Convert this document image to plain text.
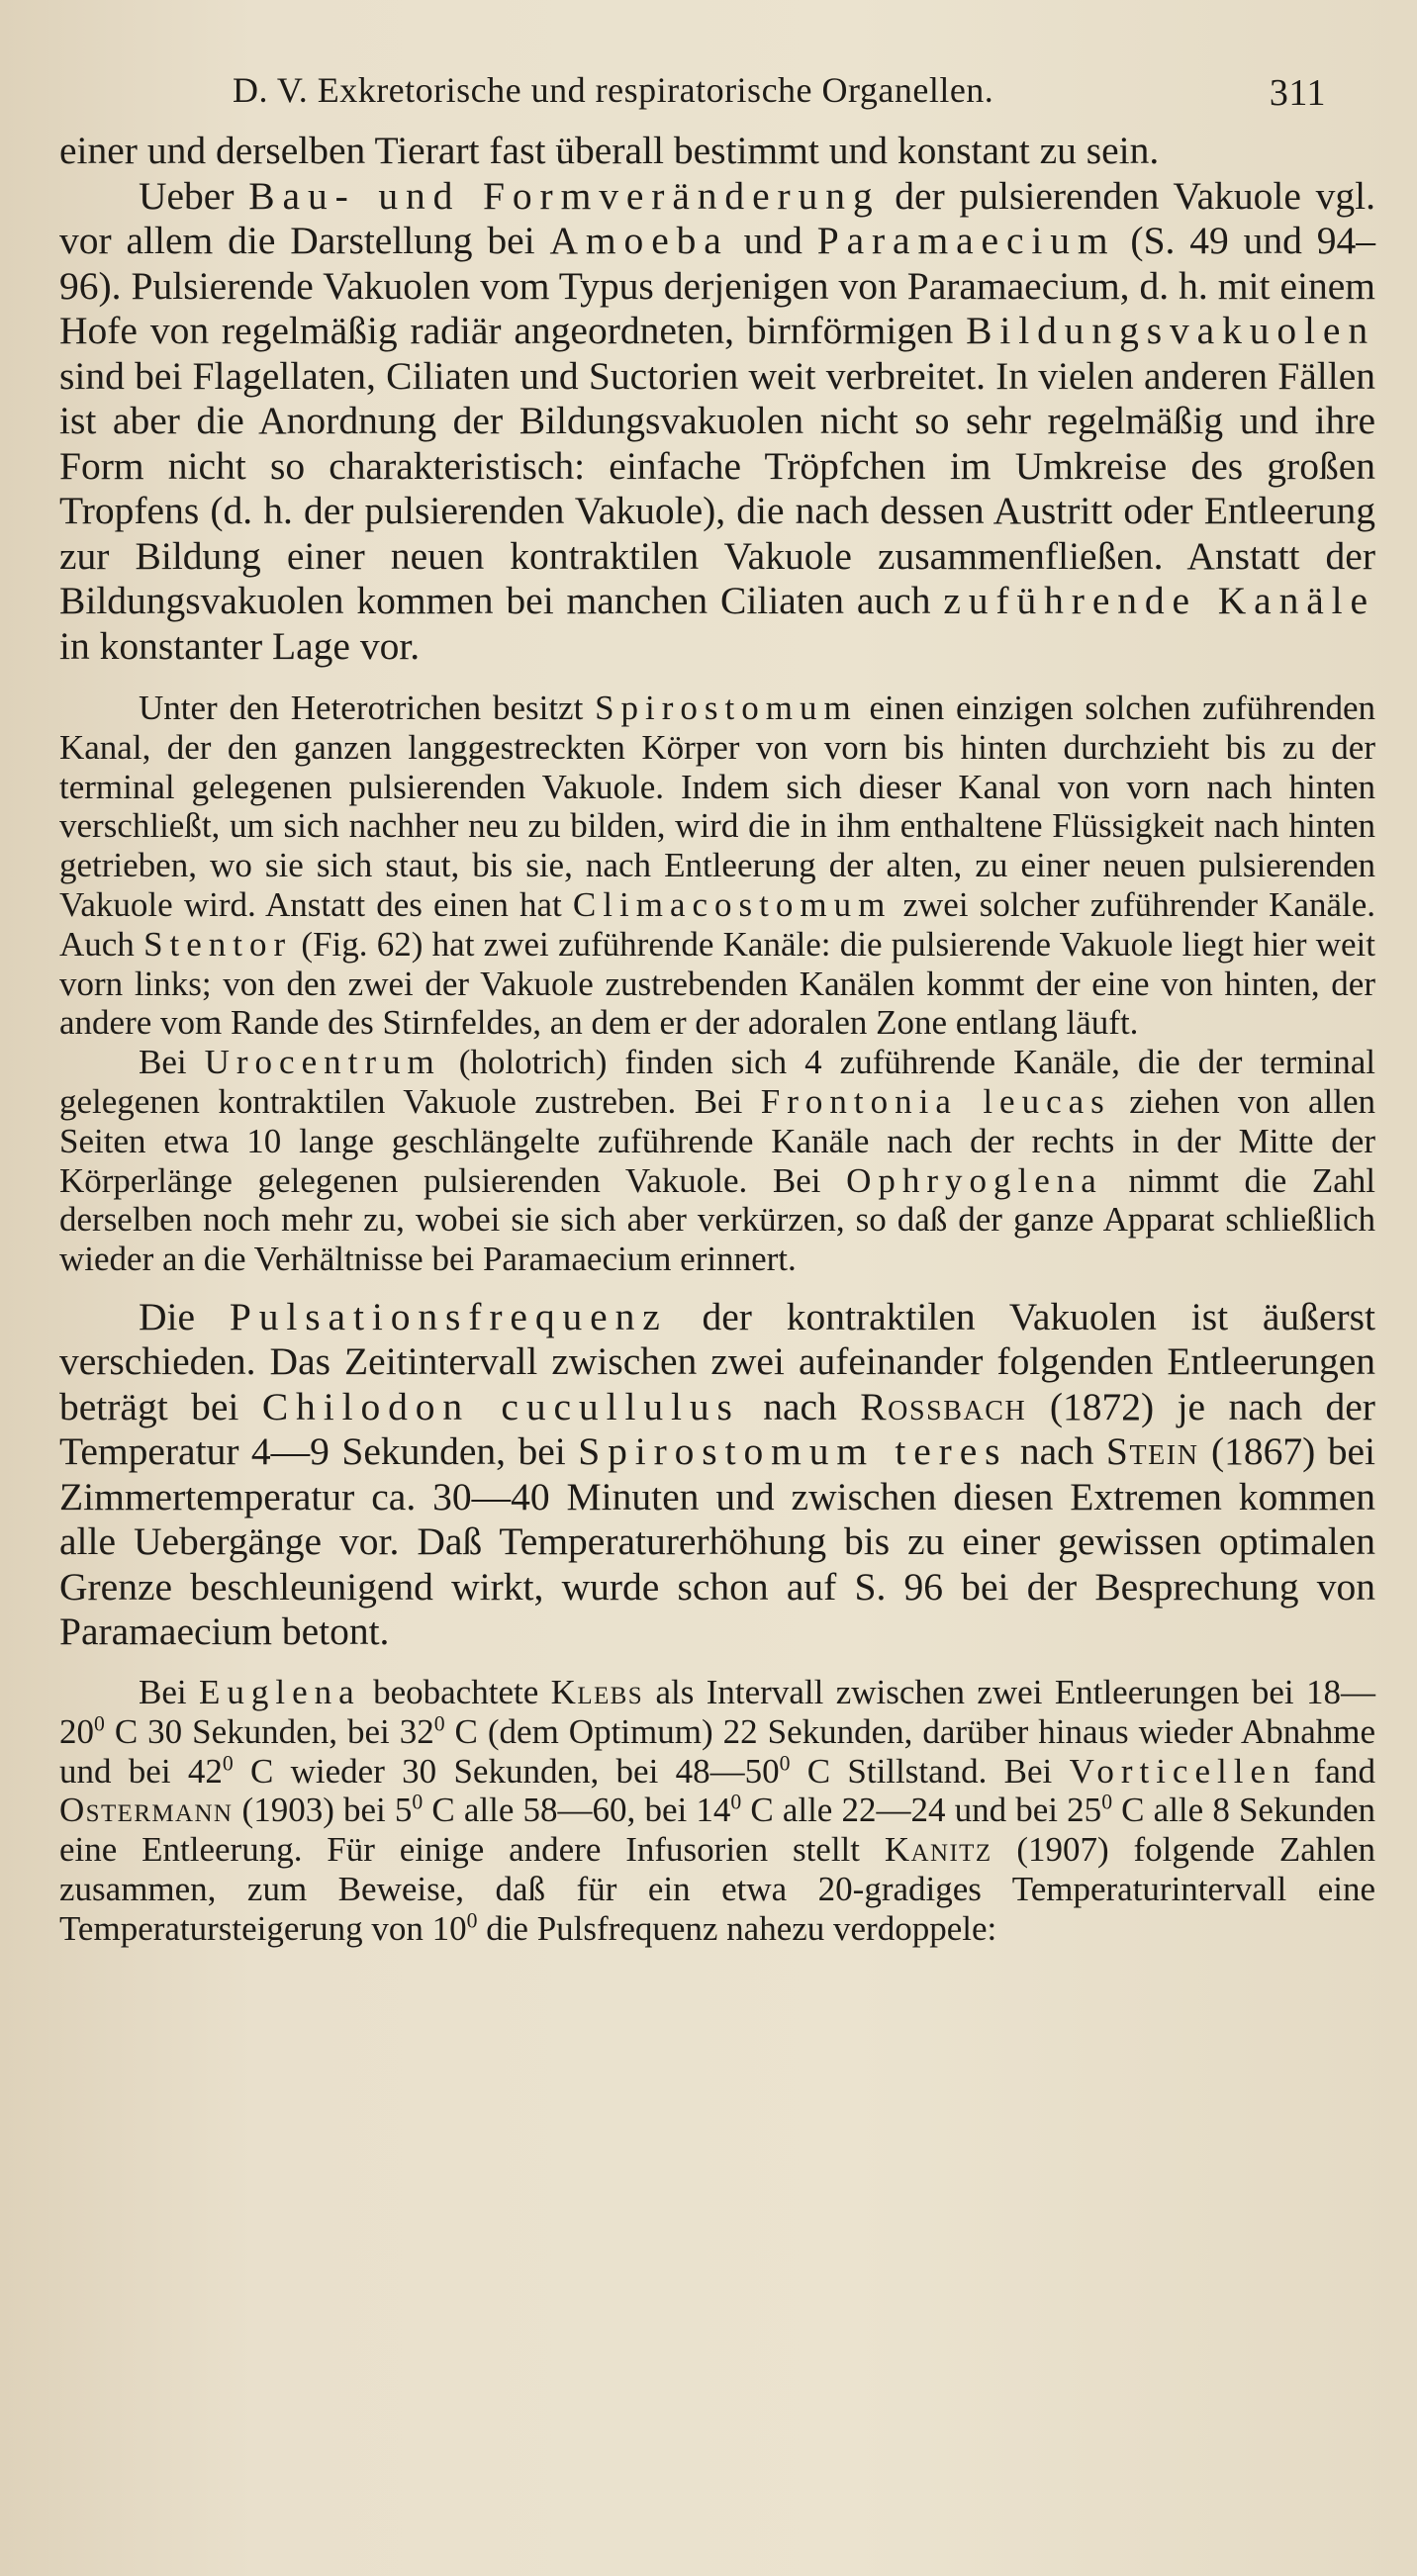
D. V. Exkretorische und respiratorische Organellen.	311

einer und derselben Tierart fast überall bestimmt und konstant zu sein.

Ueber Bau- und Formveränderung der pulsierenden Vakuole vgl. vor allem die Darstellung bei Amoeba und Paramaecium (S. 49 und 94–96). Pulsierende Vakuolen vom Typus derjenigen von Paramaecium, d. h. mit einem Hofe von regelmäßig radiär angeordneten, birnförmigen Bildungsvakuolen sind bei Flagellaten, Ciliaten und Suctorien weit verbreitet. In vielen anderen Fällen ist aber die Anordnung der Bildungsvakuolen nicht so sehr regelmäßig und ihre Form nicht so charakteristisch: einfache Tröpfchen im Umkreise des großen Tropfens (d. h. der pulsierenden Vakuole), die nach dessen Austritt oder Entleerung zur Bildung einer neuen kontraktilen Vakuole zusammenfließen. Anstatt der Bildungsvakuolen kommen bei manchen Ciliaten auch zuführende Kanäle in konstanter Lage vor.

Unter den Heterotrichen besitzt Spirostomum einen einzigen solchen zuführenden Kanal, der den ganzen langgestreckten Körper von vorn bis hinten durchzieht bis zu der terminal gelegenen pulsierenden Vakuole. Indem sich dieser Kanal von vorn nach hinten verschließt, um sich nachher neu zu bilden, wird die in ihm enthaltene Flüssigkeit nach hinten getrieben, wo sie sich staut, bis sie, nach Entleerung der alten, zu einer neuen pulsierenden Vakuole wird. Anstatt des einen hat Climacostomum zwei solcher zuführender Kanäle. Auch Stentor (Fig. 62) hat zwei zuführende Kanäle: die pulsierende Vakuole liegt hier weit vorn links; von den zwei der Vakuole zustrebenden Kanälen kommt der eine von hinten, der andere vom Rande des Stirnfeldes, an dem er der adoralen Zone entlang läuft.

Bei Urocentrum (holotrich) finden sich 4 zuführende Kanäle, die der terminal gelegenen kontraktilen Vakuole zustreben. Bei Frontonia leucas ziehen von allen Seiten etwa 10 lange geschlängelte zuführende Kanäle nach der rechts in der Mitte der Körperlänge gelegenen pulsierenden Vakuole. Bei Ophryoglena nimmt die Zahl derselben noch mehr zu, wobei sie sich aber verkürzen, so daß der ganze Apparat schließlich wieder an die Verhältnisse bei Paramaecium erinnert.

Die Pulsationsfrequenz der kontraktilen Vakuolen ist äußerst verschieden. Das Zeitintervall zwischen zwei aufeinander folgenden Entleerungen beträgt bei Chilodon cucullulus nach Rossbach (1872) je nach der Temperatur 4—9 Sekunden, bei Spirostomum teres nach Stein (1867) bei Zimmertemperatur ca. 30—40 Minuten und zwischen diesen Extremen kommen alle Uebergänge vor. Daß Temperaturerhöhung bis zu einer gewissen optimalen Grenze beschleunigend wirkt, wurde schon auf S. 96 bei der Besprechung von Paramaecium betont.

Bei Euglena beobachtete Klebs als Intervall zwischen zwei Entleerungen bei $18—20^0$ C 30 Sekunden, bei $32^0$ C (dem Optimum) 22 Sekunden, darüber hinaus wieder Abnahme und bei $42^0$ C wieder 30 Sekunden, bei $48—50^0$ C Stillstand. Bei Vorticellen fand Ostermann (1903) bei $5^0$ C alle 58—60, bei $14^0$ C alle 22—24 und bei $25^0$ C alle 8 Sekunden eine Entleerung. Für einige andere Infusorien stellt Kanitz (1907) folgende Zahlen zusammen, zum Beweise, daß für ein etwa 20-gradiges Temperaturintervall eine Temperatursteigerung von $10^0$ die Pulsfrequenz nahezu verdoppele:
